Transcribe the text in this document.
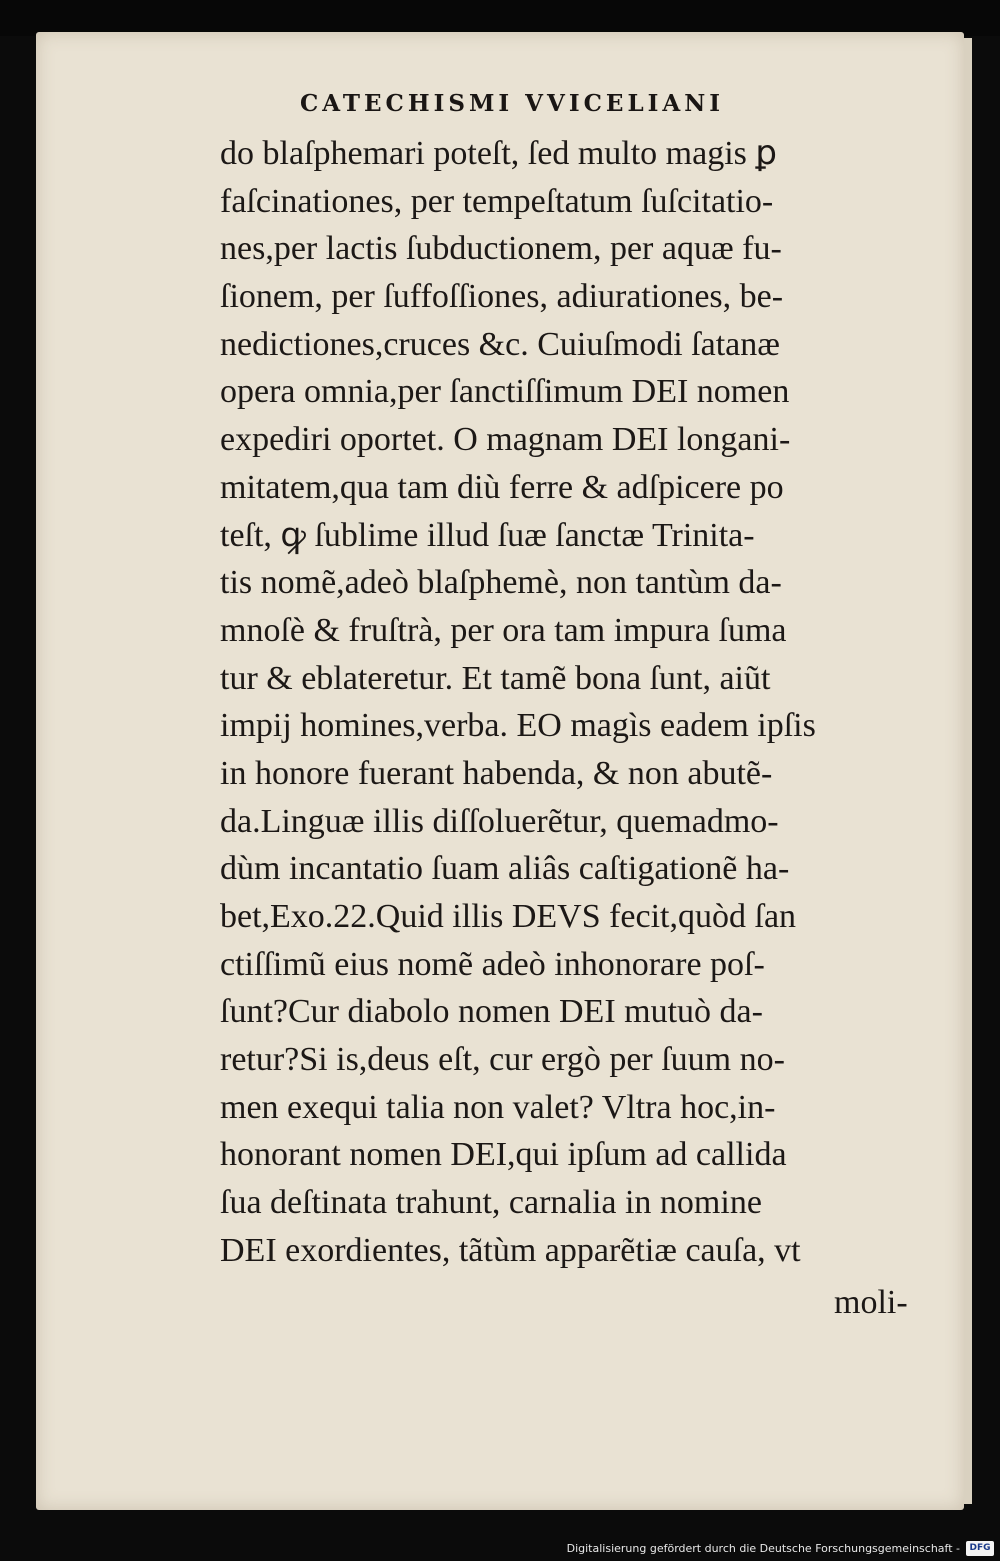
CATECHISMI VVICELIANI
do blaſphemari poteſt, ſed multo magis ꝑ
faſcinationes, per tempeſtatum ſuſcitatio-
nes,per lactis ſubductionem, per aquæ fu-
ſionem, per ſuffoſſiones, adiurationes, be-
nedictiones,cruces &c. Cuiuſmodi ſatanæ
opera omnia,per ſanctiſſimum DEI nomen
expediri oportet. O magnam DEI longani-
mitatem,qua tam diù ferre & adſpicere po
teſt, ꝙ ſublime illud ſuæ ſanctæ Trinita-
tis nomẽ,adeò blaſphemè, non tantùm da-
mnoſè & fruſtrà, per ora tam impura ſuma
tur & eblateretur. Et tamẽ bona ſunt, aiũt
impij homines,verba. EO magìs eadem ipſis
in honore fuerant habenda, & non abutẽ-
da.Linguæ illis diſſoluerẽtur, quemadmo-
dùm incantatio ſuam aliâs caſtigationẽ ha-
bet,Exo.22.Quid illis DEVS fecit,quòd ſan
ctiſſimũ eius nomẽ adeò inhonorare poſ-
ſunt?Cur diabolo nomen DEI mutuò da-
retur?Si is,deus eſt, cur ergò per ſuum no-
men exequi talia non valet? Vltra hoc,in-
honorant nomen DEI,qui ipſum ad callida
ſua deſtinata trahunt, carnalia in nomine
DEI exordientes, tãtùm apparẽtiæ cauſa, vt
moli-
Digitalisierung gefördert durch die Deutsche Forschungsgemeinschaft -	DFG
